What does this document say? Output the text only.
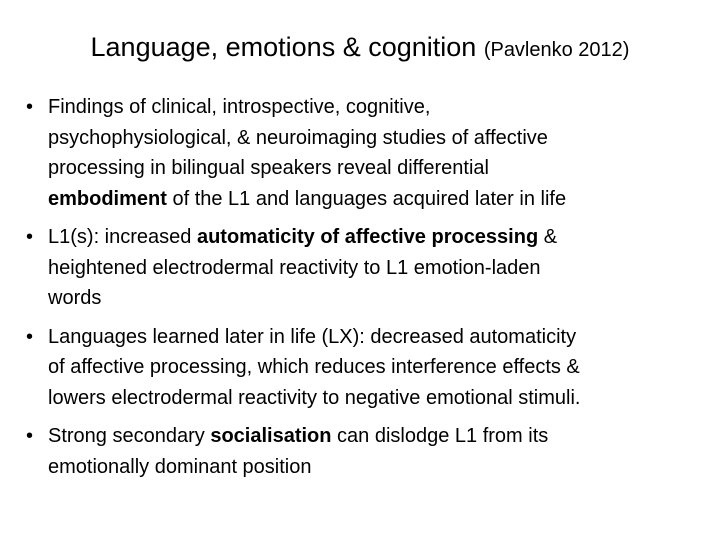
Language, emotions & cognition (Pavlenko 2012)
• Findings of clinical, introspective, cognitive,
psychophysiological, & neuroimaging studies of affective
processing in bilingual speakers reveal differential
embodiment of the L1 and languages acquired later in life
• L1(s): increased automaticity of affective processing &
heightened electrodermal reactivity to L1 emotion-laden
words
• Languages learned later in life (LX): decreased automaticity
of affective processing, which reduces interference effects &
lowers electrodermal reactivity to negative emotional stimuli.
• Strong secondary socialisation can dislodge L1 from its
emotionally dominant position
